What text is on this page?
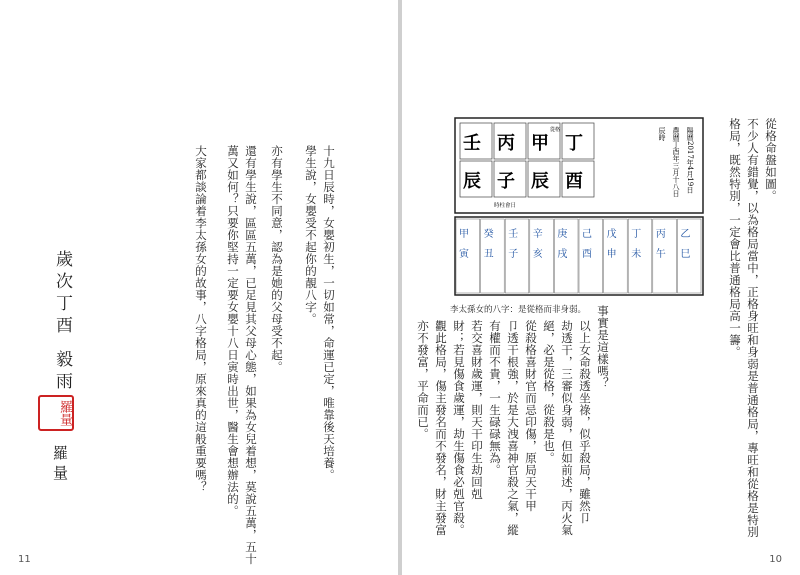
十九日辰時，女嬰初生，一切如常，命運已定，唯靠後天培養。
學生說，女嬰受不起你的靚八字。
亦有學生不同意，認為是她的父母受不起。
還有學生說，區區五萬，已足見其父母心態，如果為女兒着想，莫說五萬，五十
萬又如何？只要你堅持一定要女嬰十八日寅時出世，醫生會想辦法的。
大家都談論着李太孫女的故事，八字格局，原來真的這般重要嗎？
歲次丁酉
毅雨
羅量
羅量
11
從格命盤如圖。
不少人有錯覺，以為格局當中，正格身旺和身弱是普通格局，專旺和從格是特別
格局，既然特別，一定會比普通格局高一籌。
事實是這樣嗎？
以上女命殺透坐祿，似乎殺局，雖然卩
劫透干，三審似身弱，但如前述，丙火氣
絕，必是從格，從殺是也。
從殺格喜財官而忌印傷，原局天干甲
卩透干根強，於是大洩喜神官殺之氣，縱
有權而不貴，一生碌碌無為。
若交喜財歲運，則天干印生劫回剋
財；若見傷食歲運，劫生傷食必剋官殺。
觀此格局，傷主發名而不發名，財主發富
亦不發富，平命而已。
壬
辰
丙
子
甲
辰
從格
丁
酉
時柱會日
陽曆2017年4月19日
農曆丁酉年三月十八日
辰時
甲
寅
癸
丑
壬
子
辛
亥
庚
戌
己
酉
戊
申
丁
未
丙
午
乙
巳
李太孫女的八字：是從格而非身弱。
10
